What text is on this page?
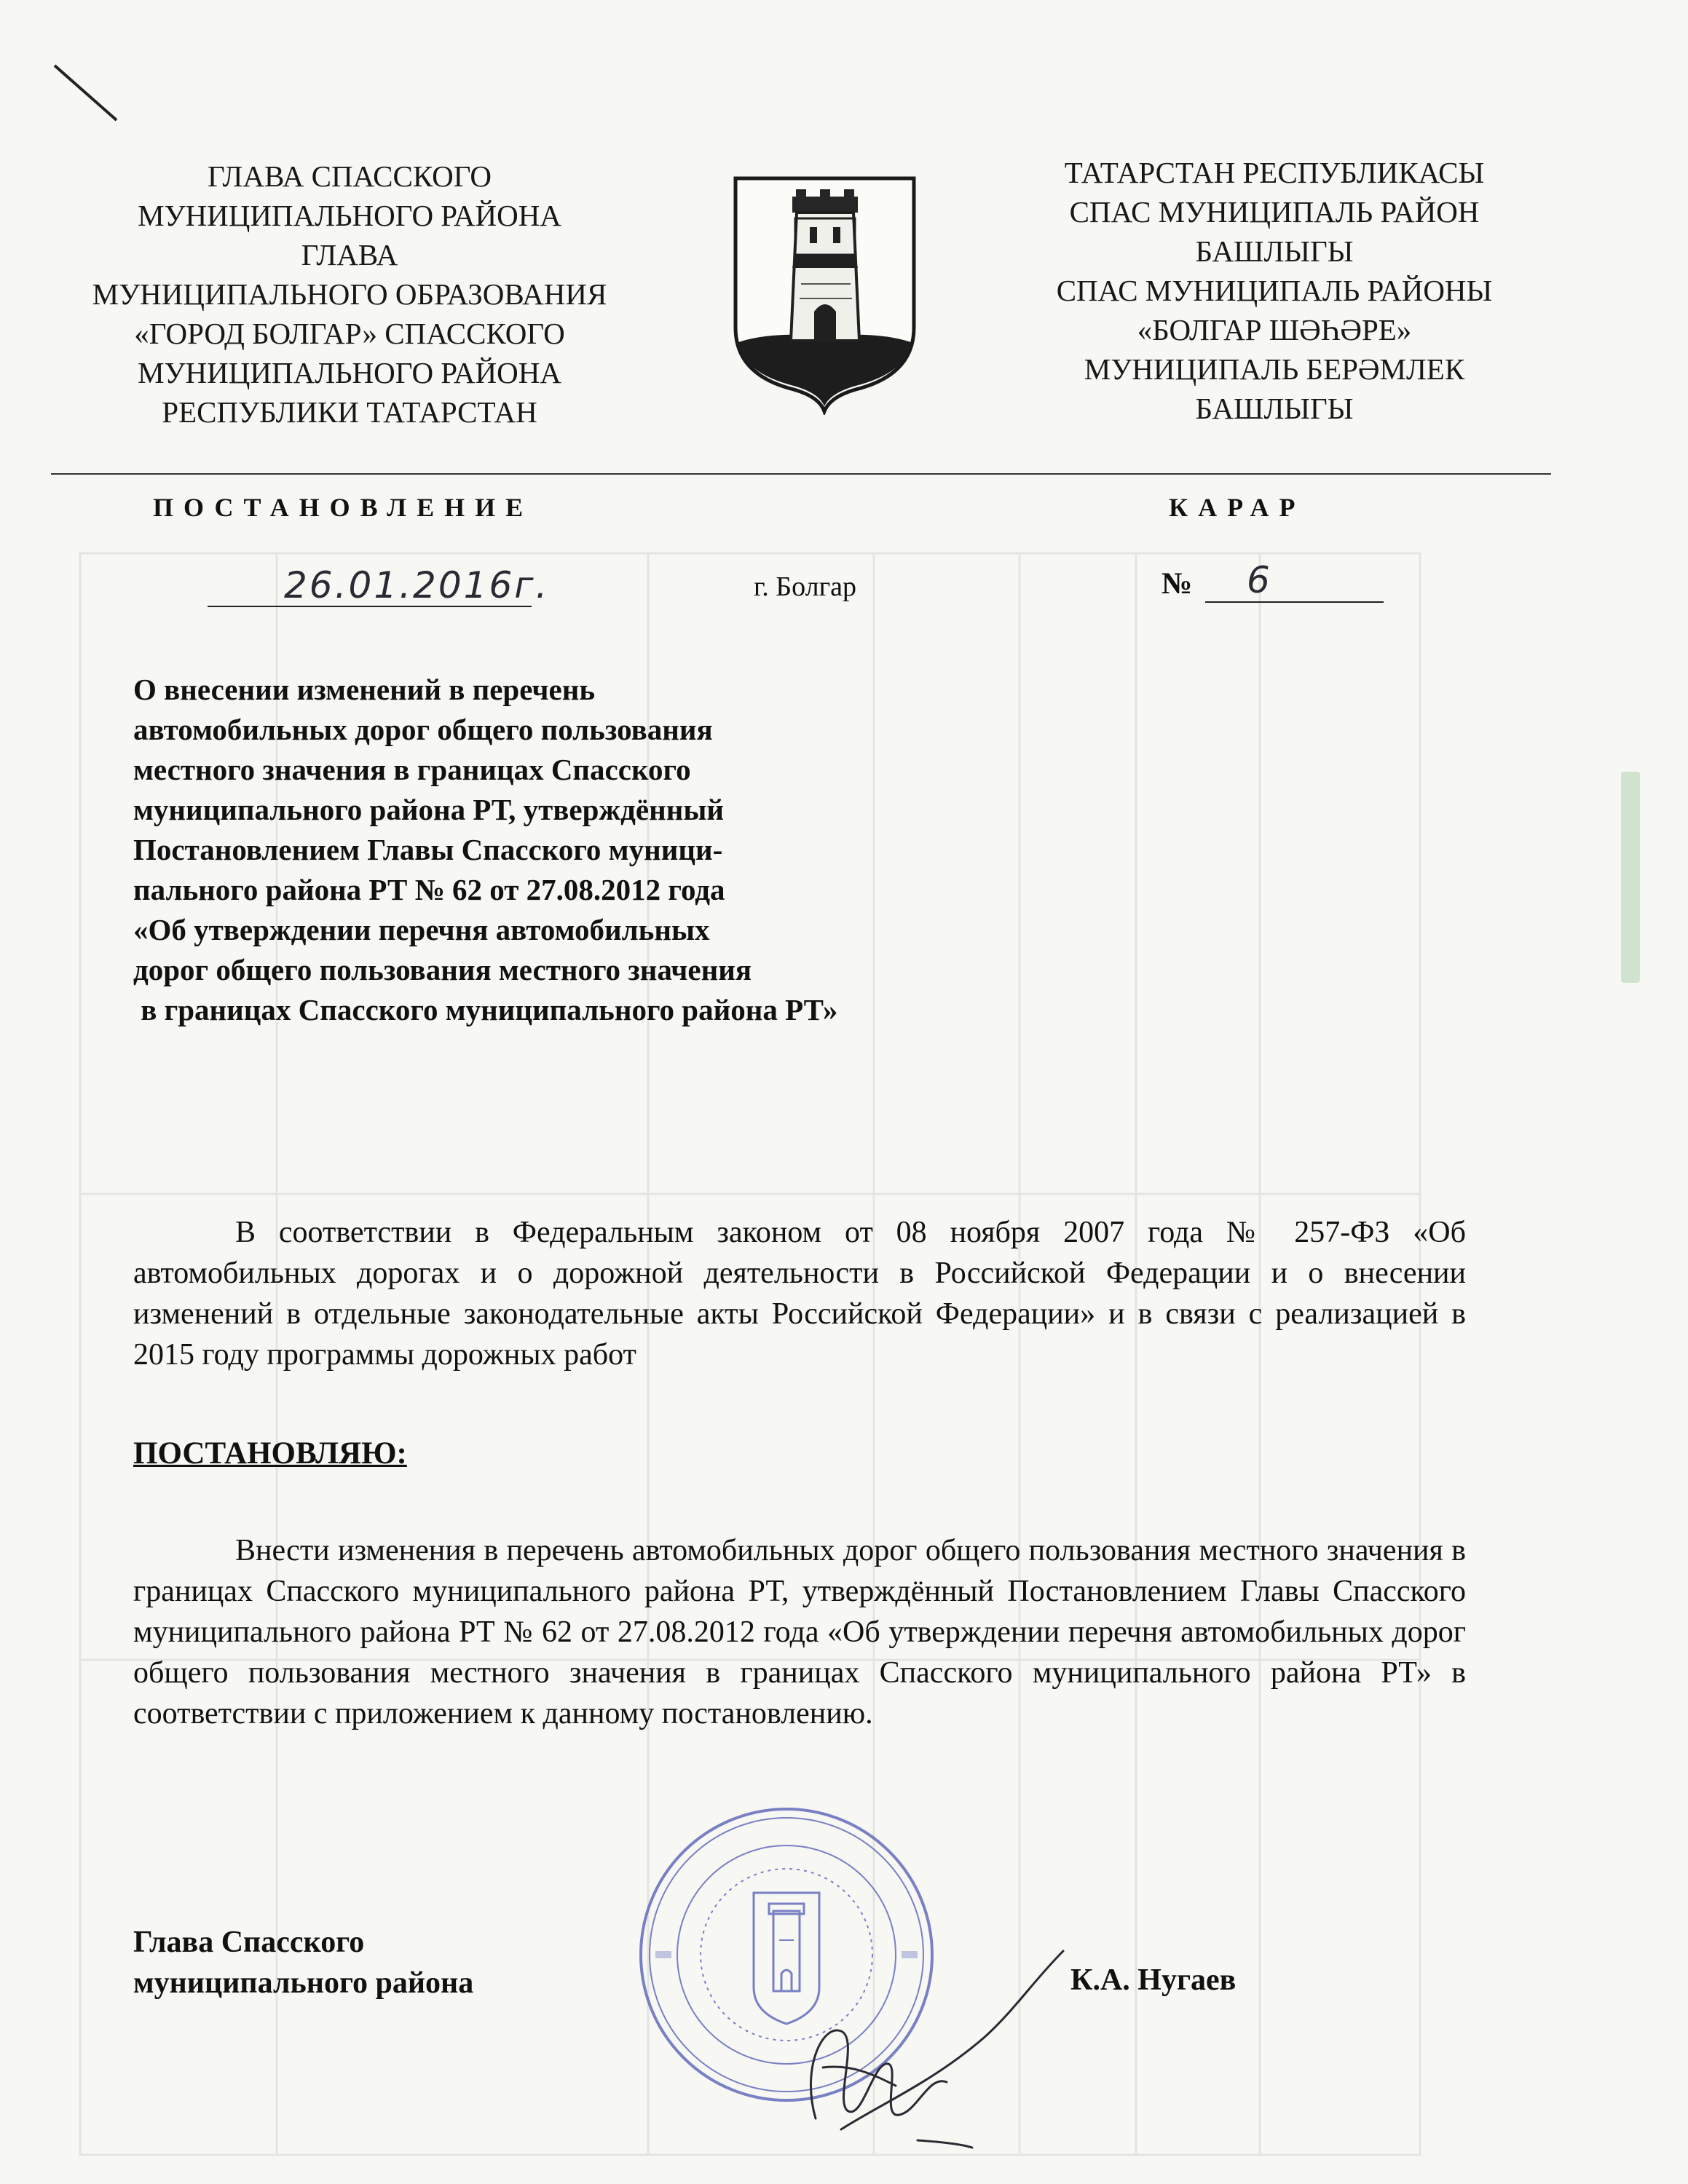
ГЛАВА СПАССКОГО
МУНИЦИПАЛЬНОГО РАЙОНА
ГЛАВА
МУНИЦИПАЛЬНОГО ОБРАЗОВАНИЯ
«ГОРОД БОЛГАР» СПАССКОГО
МУНИЦИПАЛЬНОГО РАЙОНА
РЕСПУБЛИКИ ТАТАРСТАН
ТАТАРСТАН РЕСПУБЛИКАСЫ
СПАС МУНИЦИПАЛЬ РАЙОН
БАШЛЫГЫ
СПАС МУНИЦИПАЛЬ РАЙОНЫ
«БОЛГАР ШӘҺӘРЕ»
МУНИЦИПАЛЬ БЕРӘМЛЕК
БАШЛЫГЫ
ПОСТАНОВЛЕНИЕ	КАРАР
26.01.2016г.	г. Болгар	№ 6
О внесении изменений в перечень
автомобильных дорог общего пользования
местного значения в границах Спасского
муниципального района РТ, утверждённый
Постановлением Главы Спасского муници-
пального района РТ № 62 от 27.08.2012 года
«Об утверждении перечня автомобильных
дорог общего пользования местного значения
в границах Спасского муниципального района РТ»
В соответствии в Федеральным законом от 08 ноября 2007 года № 257-ФЗ «Об автомобильных дорогах и о дорожной деятельности в Российской Федерации и о внесении изменений в отдельные законодательные акты Российской Федерации» и в связи с реализацией в 2015 году программы дорожных работ
ПОСТАНОВЛЯЮ:
Внести изменения в перечень автомобильных дорог общего пользования местного значения в границах Спасского муниципального района РТ, утверждённый Постановлением Главы Спасского муниципального района РТ № 62 от 27.08.2012 года «Об утверждении перечня автомобильных дорог общего пользования местного значения в границах Спасского муниципального района РТ» в соответствии с приложением к данному постановлению.
Глава Спасского
муниципального района	К.А. Нугаев
